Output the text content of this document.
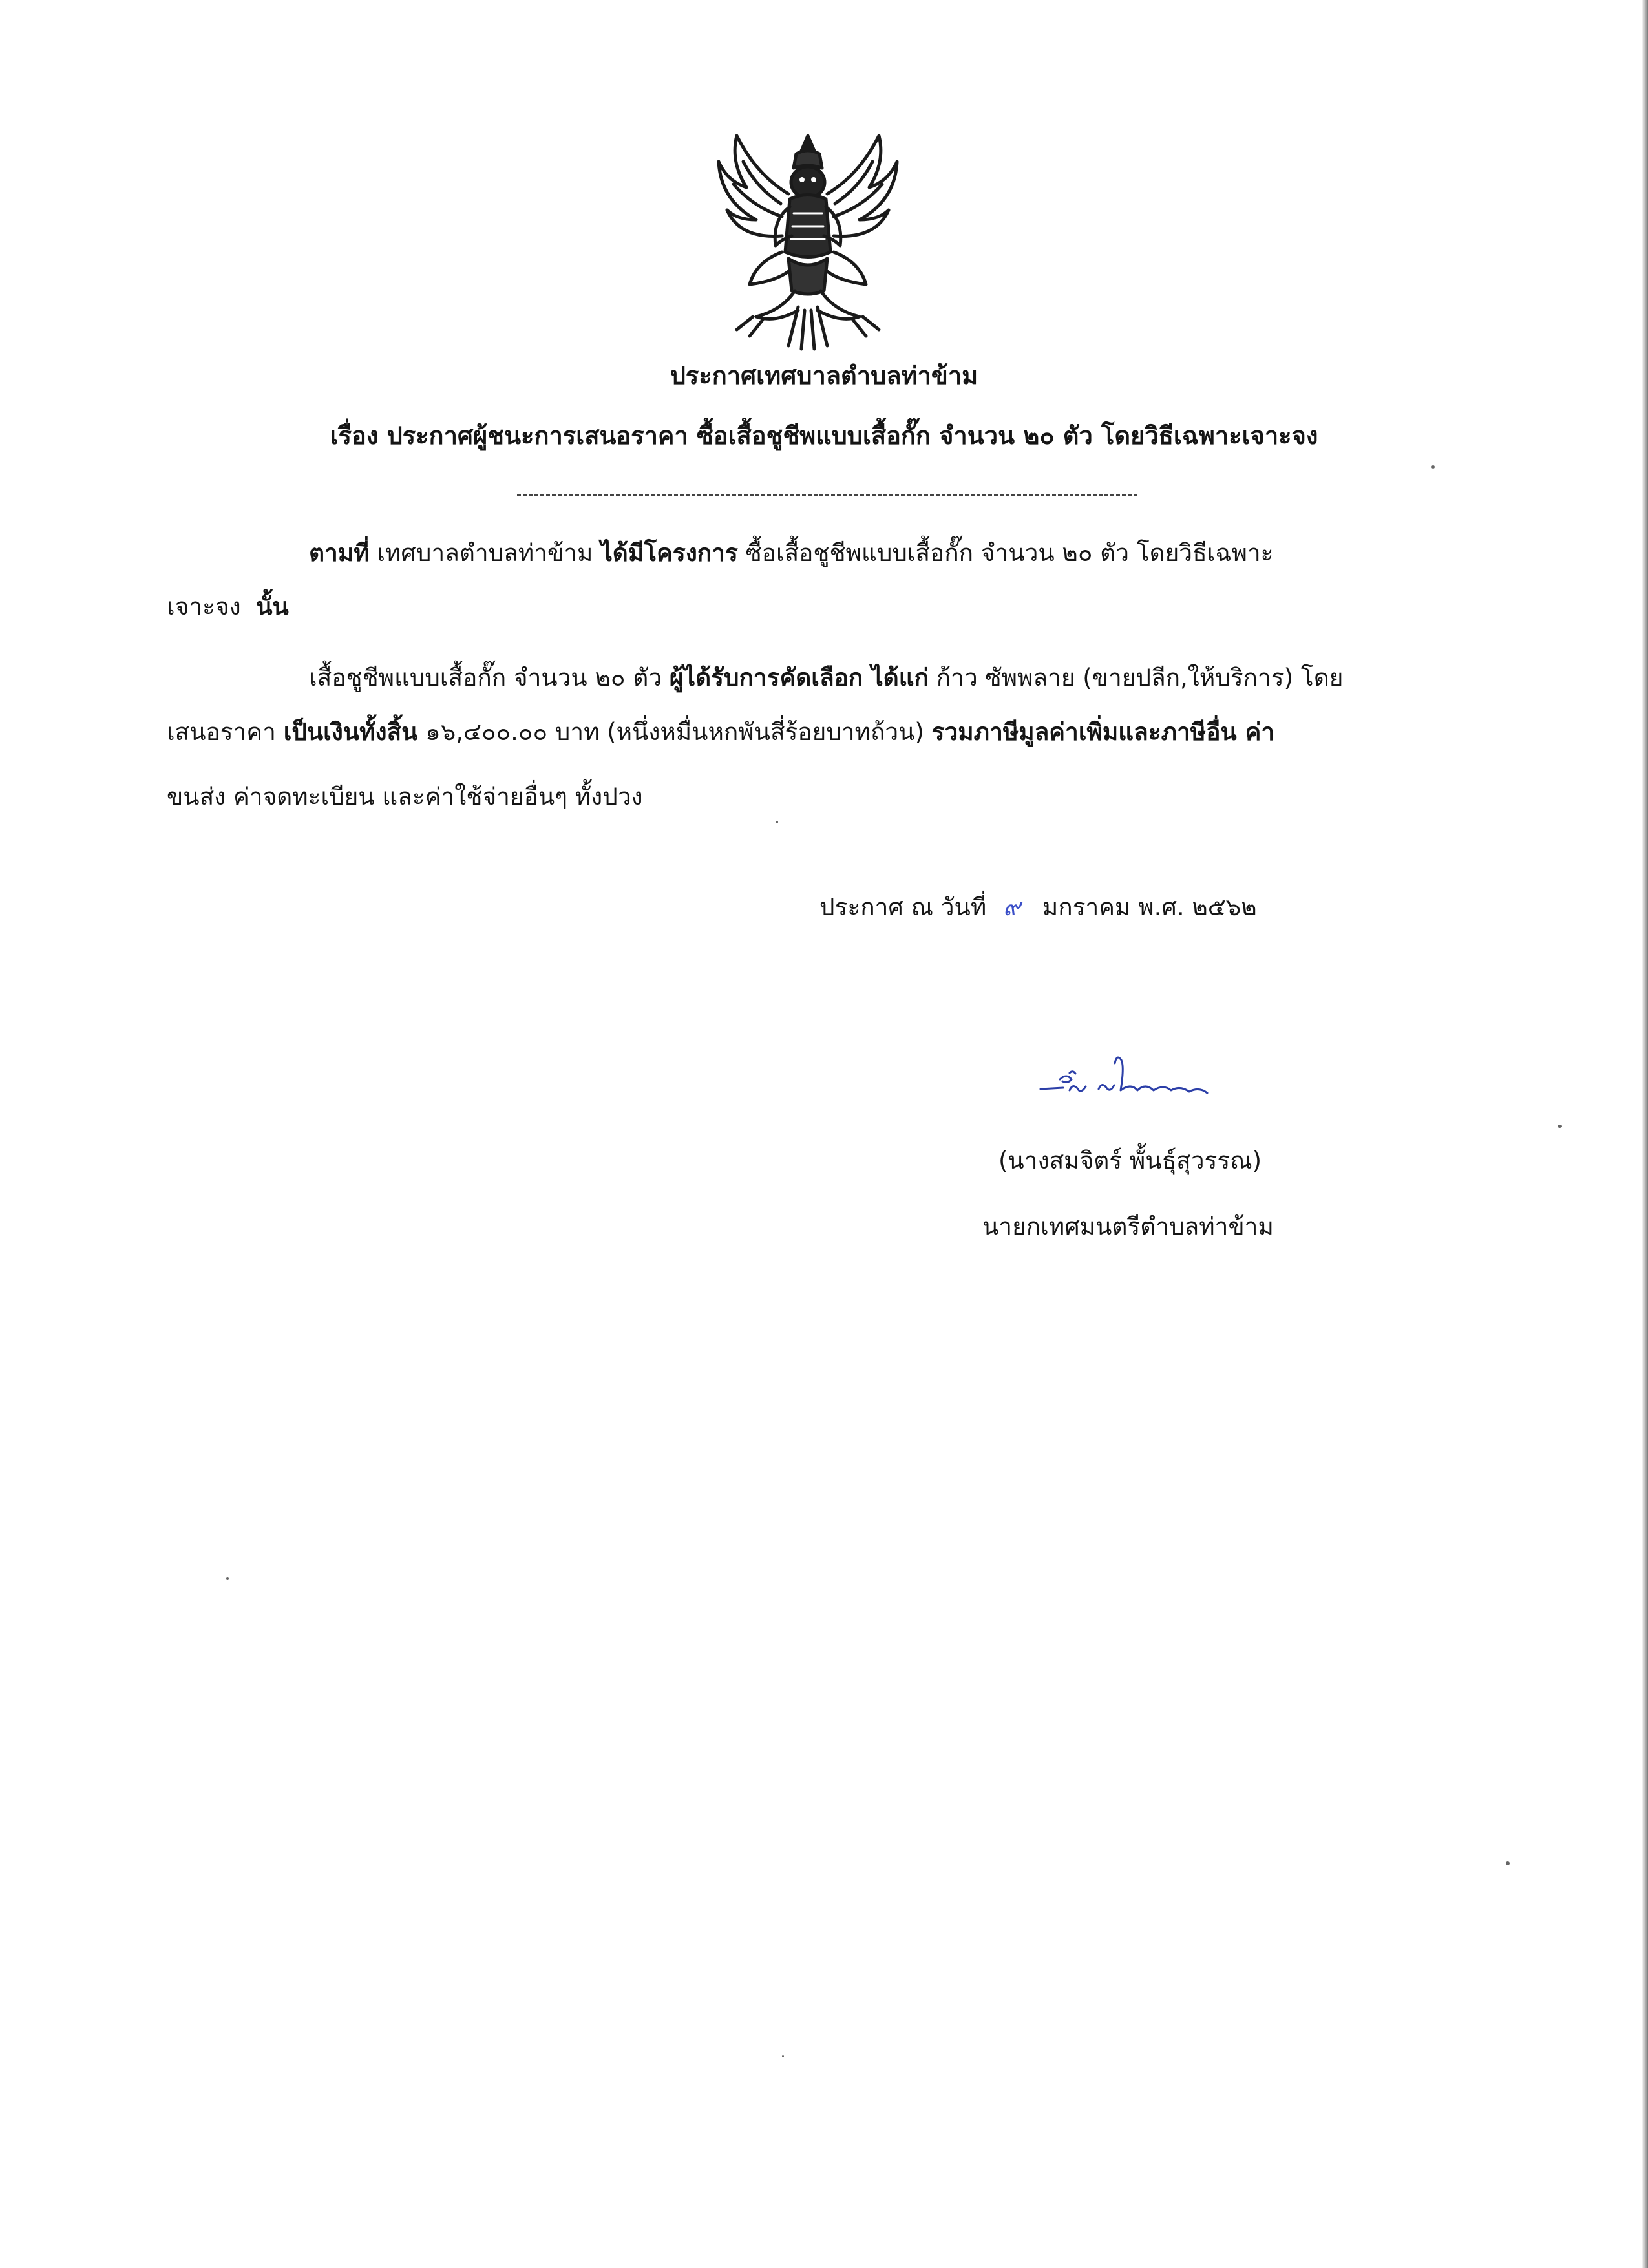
ประกาศเทศบาลตำบลท่าข้าม
เรื่อง ประกาศผู้ชนะการเสนอราคา ซื้อเสื้อชูชีพแบบเสื้อกั๊ก จำนวน ๒๐ ตัว โดยวิธีเฉพาะเจาะจง
ตามที่ เทศบาลตำบลท่าข้าม ได้มีโครงการ ซื้อเสื้อชูชีพแบบเสื้อกั๊ก จำนวน ๒๐ ตัว โดยวิธีเฉพาะ
เจาะจง นั้น
เสื้อชูชีพแบบเสื้อกั๊ก จำนวน ๒๐ ตัว ผู้ได้รับการคัดเลือก ได้แก่ ก้าว ซัพพลาย (ขายปลีก,ให้บริการ) โดย
เสนอราคา เป็นเงินทั้งสิ้น ๑๖,๔๐๐.๐๐ บาท (หนึ่งหมื่นหกพันสี่ร้อยบาทถ้วน) รวมภาษีมูลค่าเพิ่มและภาษีอื่น ค่า
ขนส่ง ค่าจดทะเบียน และค่าใช้จ่ายอื่นๆ ทั้งปวง
ประกาศ ณ วันที่ ๙ มกราคม พ.ศ. ๒๕๖๒
(นางสมจิตร์ พั้นธุ์สุวรรณ)
นายกเทศมนตรีตำบลท่าข้าม
